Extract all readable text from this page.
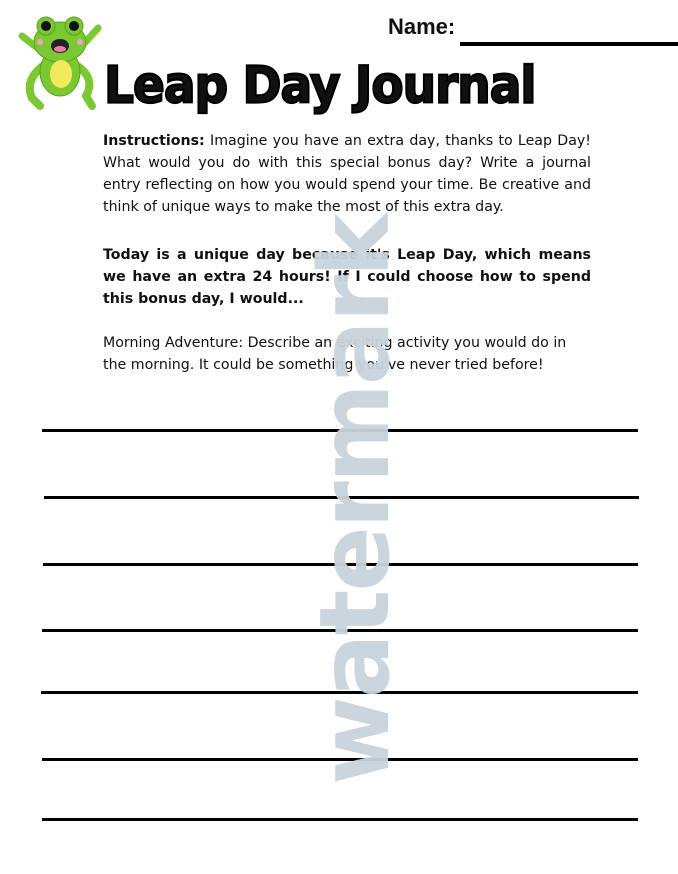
Name:
Leap Day Journal
Instructions: Imagine you have an extra day, thanks to Leap Day! What would you do with this special bonus day? Write a journal entry reflecting on how you would spend your time. Be creative and think of unique ways to make the most of this extra day.
Today is a unique day because it's Leap Day, which means we have an extra 24 hours! If I could choose how to spend this bonus day, I would...
Morning Adventure: Describe an exciting activity you would do in the morning. It could be something you've never tried before!
watermark
